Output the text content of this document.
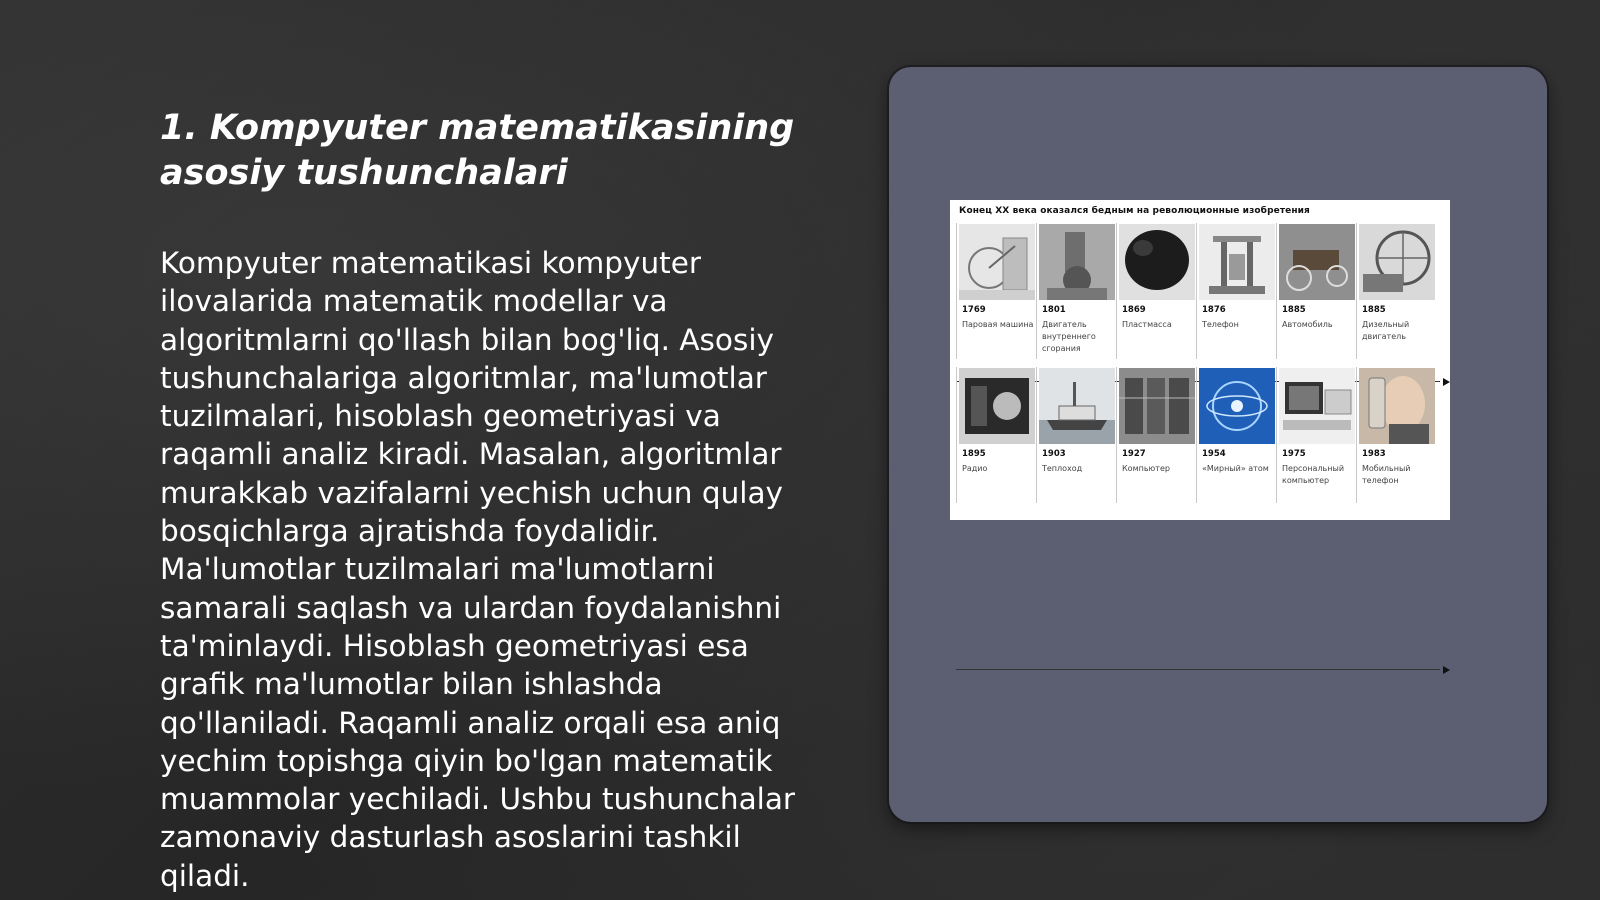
1. Kompyuter matematikasining asosiy tushunchalari

Kompyuter matematikasi kompyuter ilovalarida matematik modellar va algoritmlarni qo'llash bilan bog'liq. Asosiy tushunchalariga algoritmlar, ma'lumotlar tuzilmalari, hisoblash geometriyasi va raqamli analiz kiradi. Masalan, algoritmlar murakkab vazifalarni yechish uchun qulay bosqichlarga ajratishda foydalidir. Ma'lumotlar tuzilmalari ma'lumotlarni samarali saqlash va ulardan foydalanishni ta'minlaydi. Hisoblash geometriyasi esa grafik ma'lumotlar bilan ishlashda qo'llaniladi. Raqamli analiz orqali esa aniq yechim topishga qiyin bo'lgan matematik muammolar yechiladi. Ushbu tushunchalar zamonaviy dasturlash asoslarini tashkil qiladi.

Конец XX века оказался бедным на революционные изобретения
1769
Паровая машина
1801
Двигатель внутреннего сгорания
1869
Пластмасса
1876
Телефон
1885
Автомобиль
1885
Дизельный двигатель
1895
Радио
1903
Теплоход
1927
Компьютер
1954
«Мирный» атом
1975
Персональный компьютер
1983
Мобильный телефон
